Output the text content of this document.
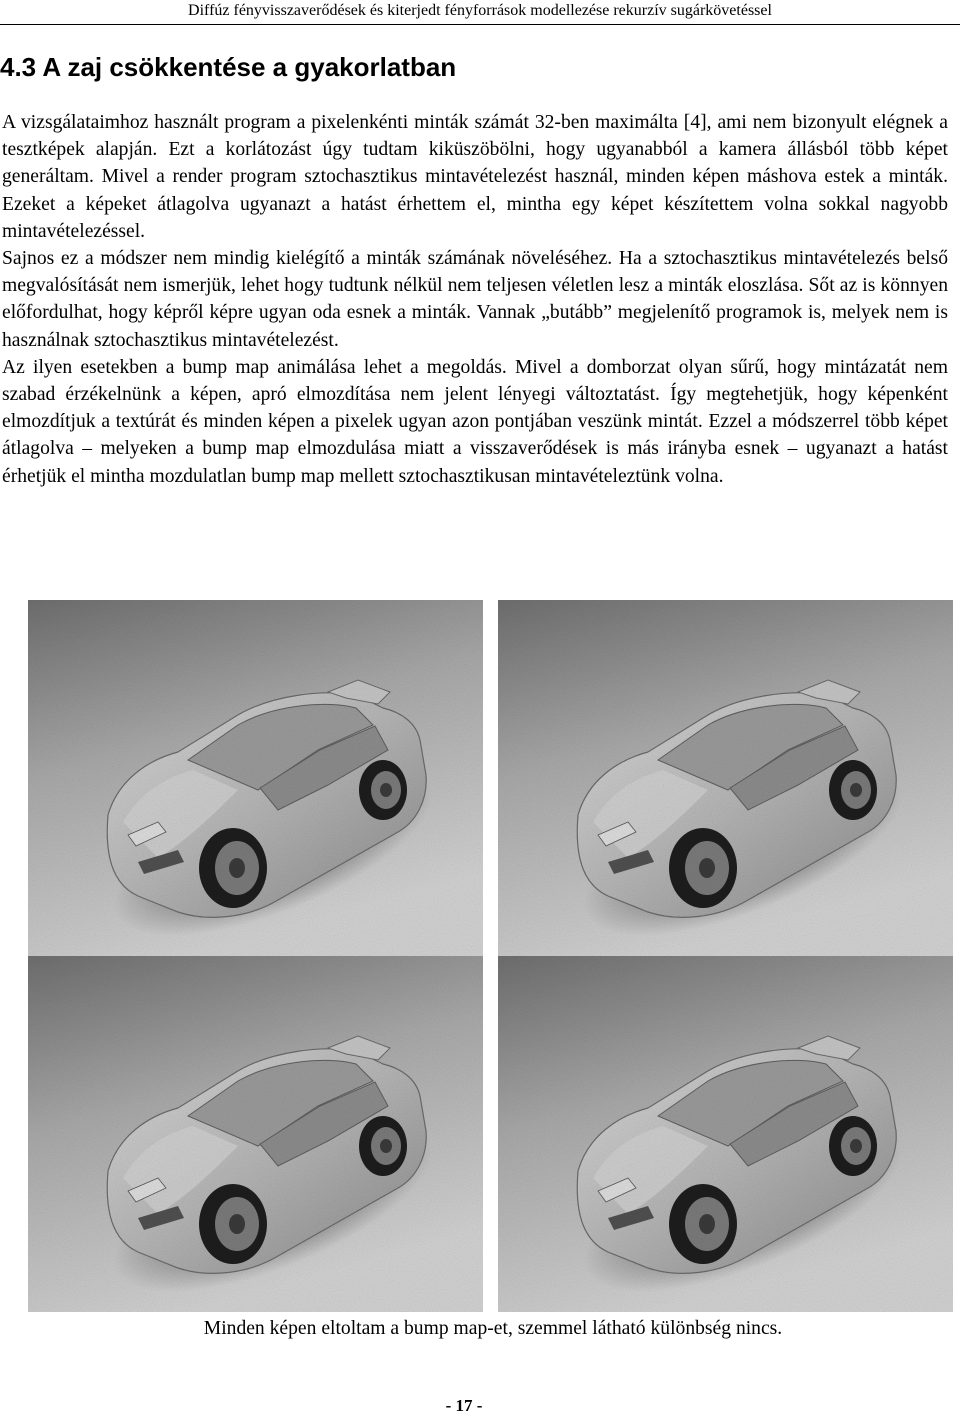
Diffúz fényvisszaverődések és kiterjedt fényforrások modellezése rekurzív sugárkövetéssel
4.3 A zaj csökkentése a gyakorlatban

A vizsgálataimhoz használt program a pixelenkénti minták számát 32-ben maximálta [4], ami nem bizonyult elégnek a tesztképek alapján. Ezt a korlátozást úgy tudtam kiküszöbölni, hogy ugyanabból a kamera állásból több képet generáltam. Mivel a render program sztochasztikus mintavételezést használ, minden képen máshova estek a minták. Ezeket a képeket átlagolva ugyanazt a hatást érhettem el, mintha egy képet készítettem volna sokkal nagyobb mintavételezéssel.

Sajnos ez a módszer nem mindig kielégítő a minták számának növeléséhez. Ha a sztochasztikus mintavételezés belső megvalósítását nem ismerjük, lehet hogy tudtunk nélkül nem teljesen véletlen lesz a minták eloszlása. Sőt az is könnyen előfordulhat, hogy képről képre ugyan oda esnek a minták. Vannak „butább” megjelenítő programok is, melyek nem is használnak sztochasztikus mintavételezést.

Az ilyen esetekben a bump map animálása lehet a megoldás. Mivel a domborzat olyan sűrű, hogy mintázatát nem szabad érzékelnünk a képen, apró elmozdítása nem jelent lényegi változtatást. Így megtehetjük, hogy képenként elmozdítjuk a textúrát és minden képen a pixelek ugyan azon pontjában veszünk mintát. Ezzel a módszerrel több képet átlagolva – melyeken a bump map elmozdulása miatt a visszaverődések is más irányba esnek – ugyanazt a hatást érhetjük el mintha mozdulatlan bump map mellett sztochasztikusan mintavételeztünk volna.

Minden képen eltoltam a bump map-et, szemmel látható különbség nincs.
- 17 -
